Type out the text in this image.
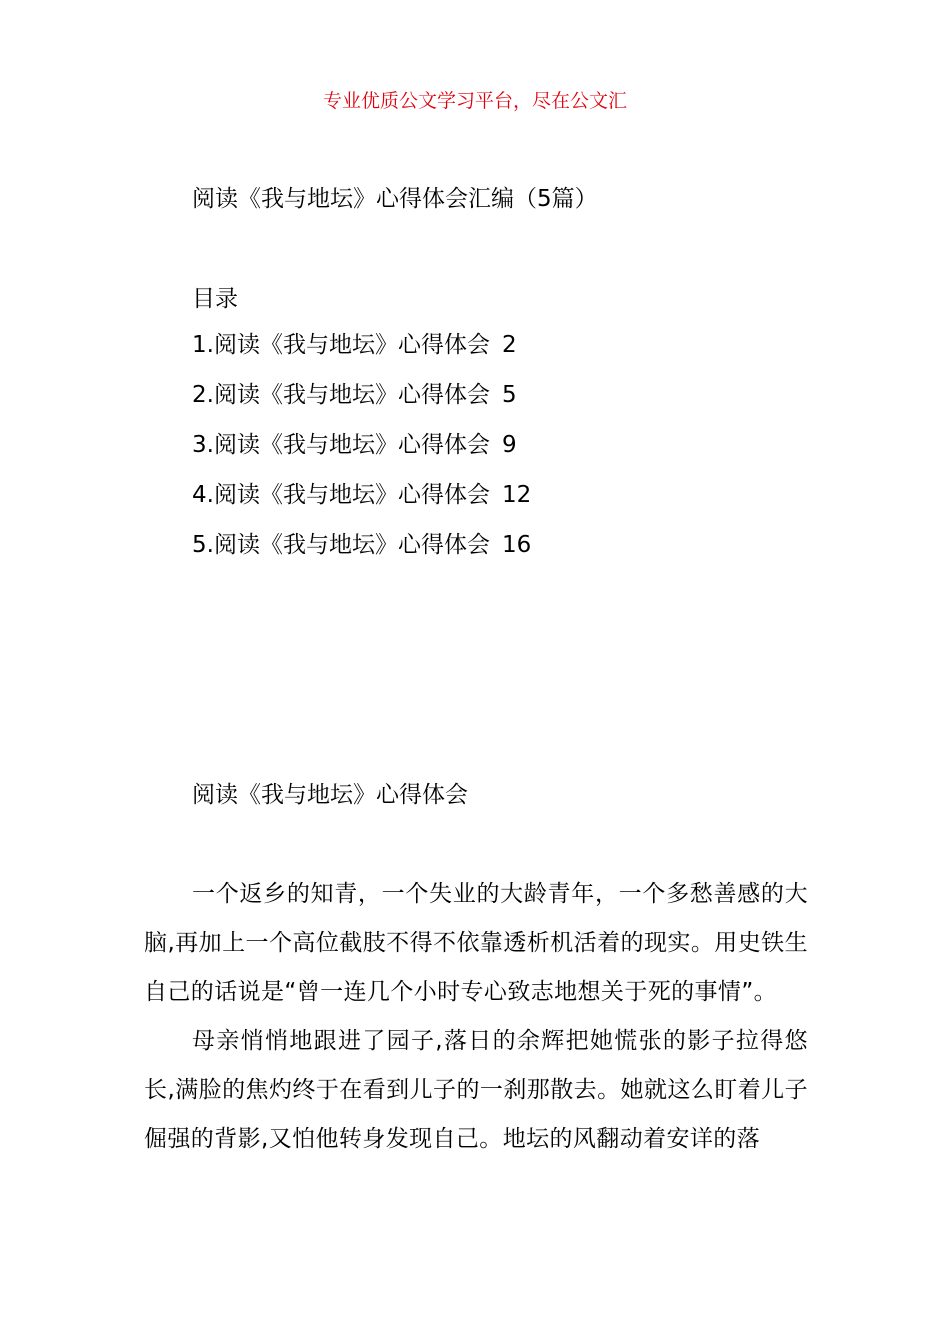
专业优质公文学习平台，尽在公文汇
阅读《我与地坛》心得体会汇编（5篇）
目录
1.阅读《我与地坛》心得体会 2
2.阅读《我与地坛》心得体会 5
3.阅读《我与地坛》心得体会 9
4.阅读《我与地坛》心得体会 12
5.阅读《我与地坛》心得体会 16
阅读《我与地坛》心得体会

一个返乡的知青，一个失业的大龄青年，一个多愁善感的大脑,再加上一个高位截肢不得不依靠透析机活着的现实。用史铁生自己的话说是“曾一连几个小时专心致志地想关于死的事情”。

母亲悄悄地跟进了园子,落日的余辉把她慌张的影子拉得悠长,满脸的焦灼终于在看到儿子的一刹那散去。她就这么盯着儿子倔强的背影,又怕他转身发现自己。地坛的风翻动着安详的落
